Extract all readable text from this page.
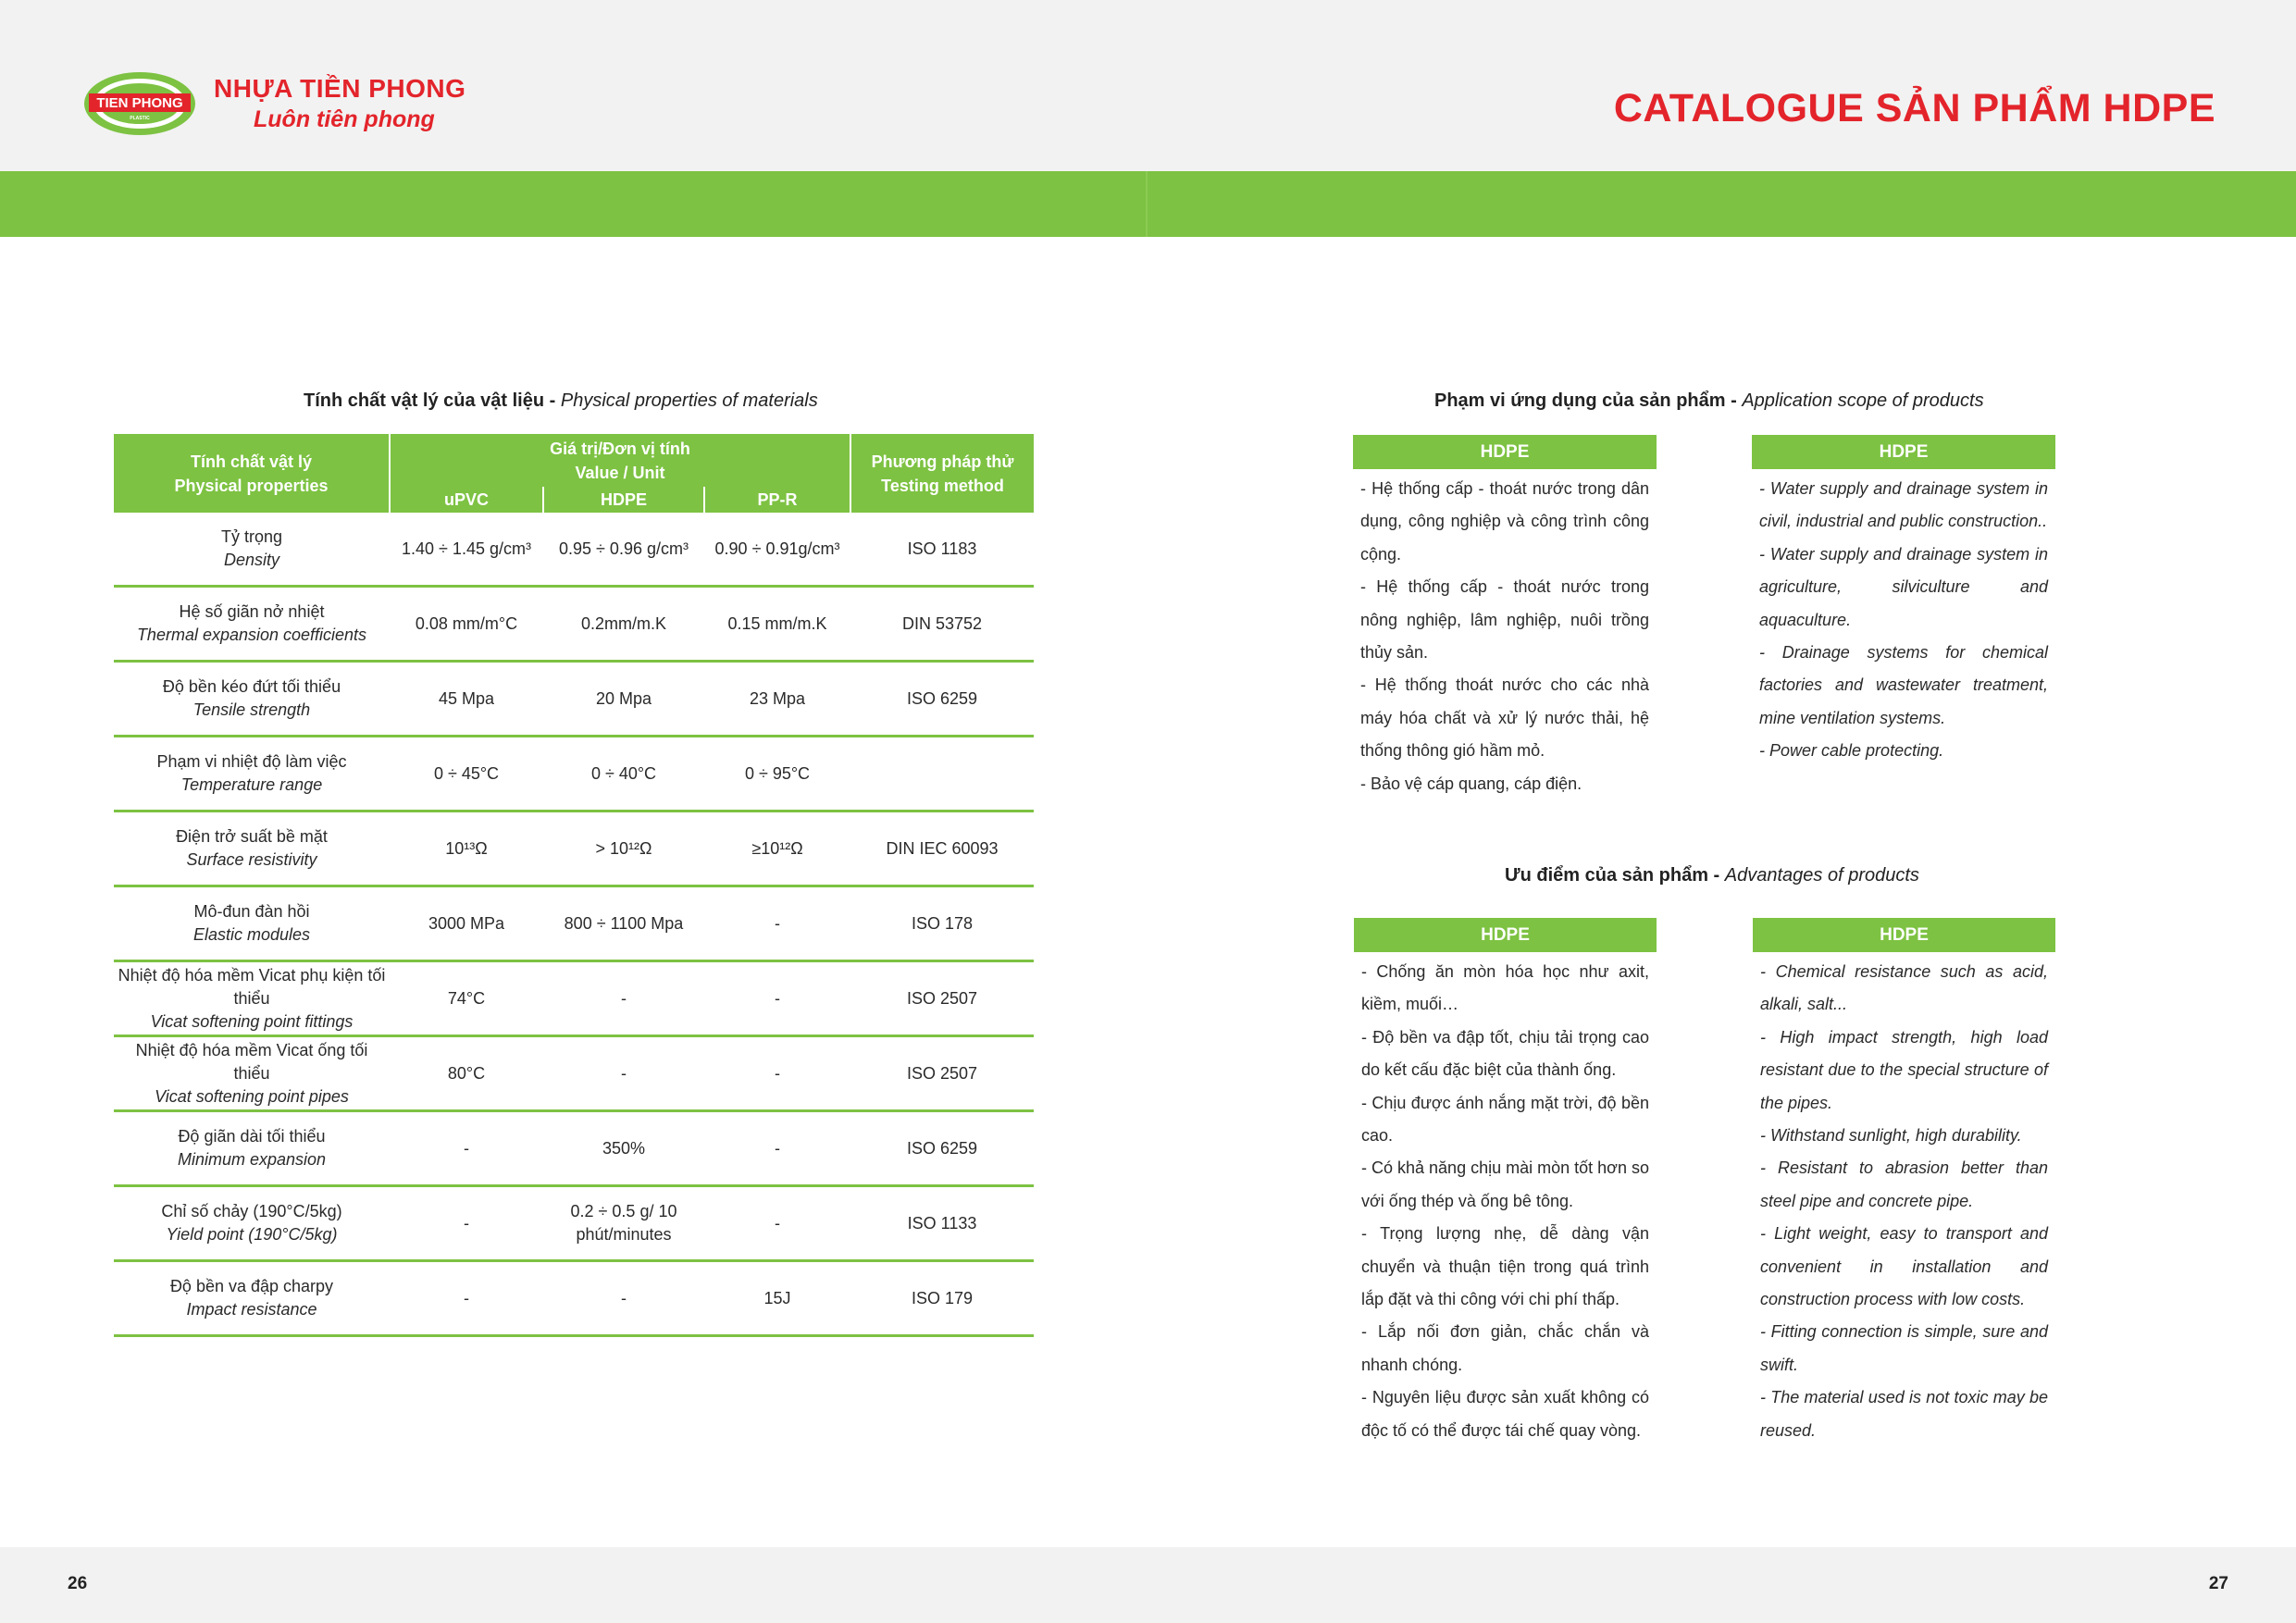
TIEN PHONG
PLASTIC
NHỰA TIỀN PHONG
Luôn tiên phong	CATALOGUE SẢN PHẨM HDPE
Tính chất vật lý của vật liệu - Physical properties of materials
Tính chất vật lý
Physical properties	Giá trị/Đơn vị tính
Value / Unit			Phương pháp thử
Testing method

	uPVC	HDPE	PP-R	

Tỷ trọng
Density	1.40 ÷ 1.45 g/cm³	0.95 ÷ 0.96 g/cm³	0.90 ÷ 0.91g/cm³	ISO 1183

Hệ số giãn nở nhiệt
Thermal expansion coefficients	0.08 mm/m°C	0.2mm/m.K	0.15 mm/m.K	DIN 53752

Độ bền kéo đứt tối thiểu
Tensile strength	45 Mpa	20 Mpa	23 Mpa	ISO 6259

Phạm vi nhiệt độ làm việc
Temperature range	0 ÷ 45°C	0 ÷ 40°C	0 ÷ 95°C	

Điện trở suất bề mặt
Surface resistivity	10¹³Ω	> 10¹²Ω	≥10¹²Ω	DIN IEC 60093

Mô-đun đàn hồi
Elastic modules	3000 MPa	800 ÷ 1100 Mpa	-	ISO 178

Nhiệt độ hóa mềm Vicat phụ kiện tối thiểu
Vicat softening point fittings	74°C	-	-	ISO 2507

Nhiệt độ hóa mềm Vicat ống tối thiểu
Vicat softening point pipes	80°C	-	-	ISO 2507

Độ giãn dài tối thiểu
Minimum expansion	-	350%	-	ISO 6259

Chỉ số chảy (190°C/5kg)
Yield point (190°C/5kg)	-	0.2 ÷ 0.5 g/ 10 phút/minutes	-	ISO 1133

Độ bền va đập charpy
Impact resistance	-	-	15J	ISO 179
Phạm vi ứng dụng của sản phẩm - Application scope of products
HDPE
- Hệ thống cấp - thoát nước trong dân dụng, công nghiệp và công trình công cộng.
- Hệ thống cấp - thoát nước trong nông nghiệp, lâm nghiệp, nuôi trồng thủy sản.
- Hệ thống thoát nước cho các nhà máy hóa chất và xử lý nước thải, hệ thống thông gió hầm mỏ.
- Bảo vệ cáp quang, cáp điện.
HDPE
- Water supply and drainage system in civil, industrial and public construction..
- Water supply and drainage system in agriculture, silviculture and aquaculture.
- Drainage systems for chemical factories and wastewater treatment, mine ventilation systems.
- Power cable protecting.
Ưu điểm của sản phẩm - Advantages of products
HDPE
- Chống ăn mòn hóa học như axit, kiềm, muối…
- Độ bền va đập tốt, chịu tải trọng cao do kết cấu đặc biệt của thành ống.
- Chịu được ánh nắng mặt trời, độ bền cao.
- Có khả năng chịu mài mòn tốt hơn so với ống thép và ống bê tông.
- Trọng lượng nhẹ, dễ dàng vận chuyển và thuận tiện trong quá trình lắp đặt và thi công với chi phí thấp.
- Lắp nối đơn giản, chắc chắn và nhanh chóng.
- Nguyên liệu được sản xuất không có độc tố có thể được tái chế quay vòng.
HDPE
- Chemical resistance such as acid, alkali, salt...
- High impact strength, high load resistant due to the special structure of the pipes.
- Withstand sunlight, high durability.
- Resistant to abrasion better than steel pipe and concrete pipe.
- Light weight, easy to transport and convenient in installation and construction process with low costs.
- Fitting connection is simple, sure and swift.
- The material used is not toxic may be reused.
26	27
